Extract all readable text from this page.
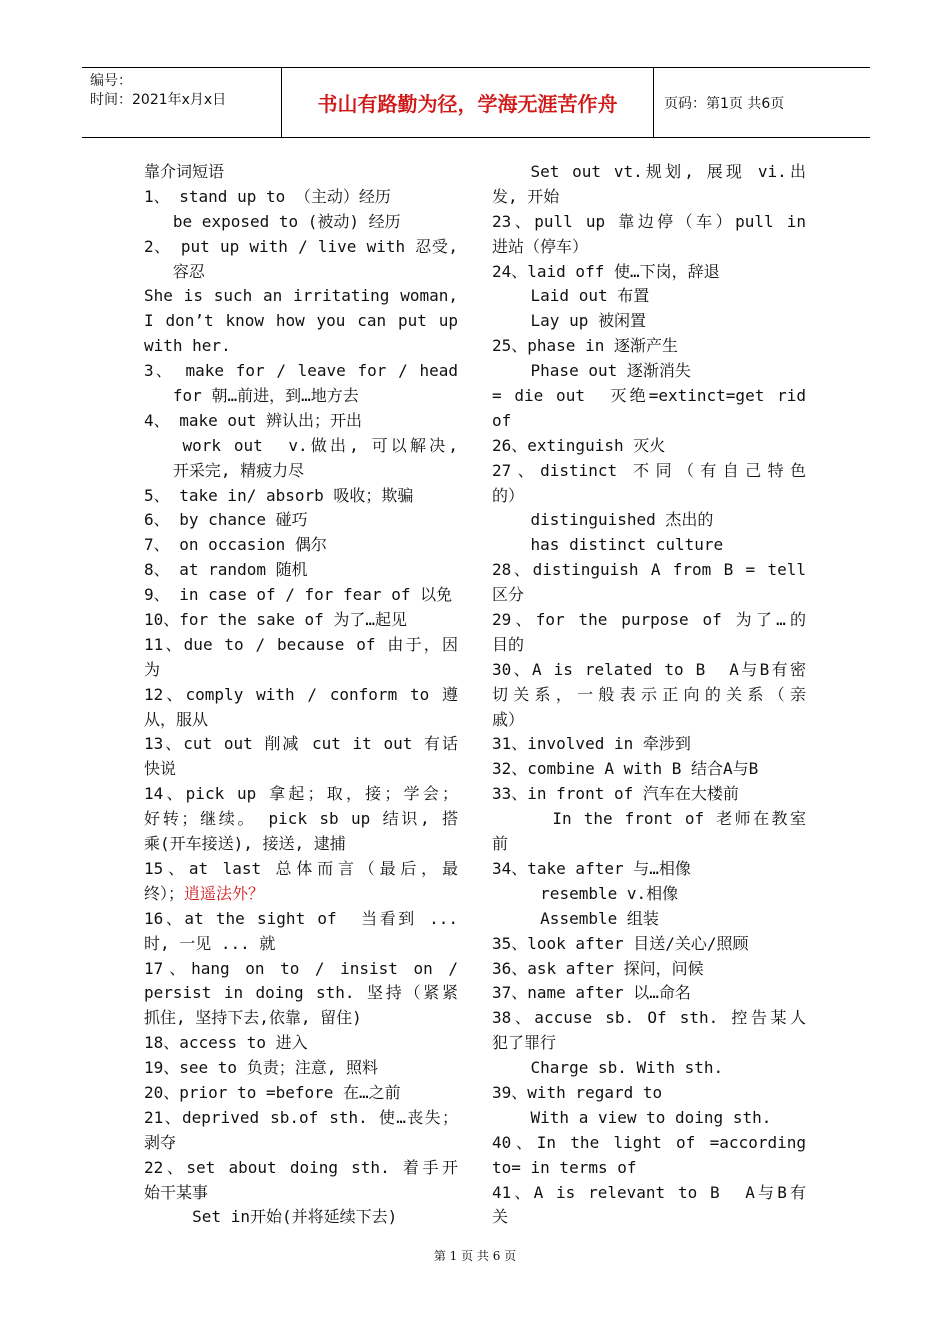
编号：
时间：2021年x月x日	书山有路勤为径，学海无涯苦作舟	页码：第1页 共6页
靠介词短语
1、 stand up to （主动）经历
be exposed to (被动) 经历
2、 put up with / live with 忍受,
容忍
She is such an irritating woman,
I don’t know how you can put up
with her.
3、 make for / leave for / head
for 朝…前进，到…地方去
4、 make out 辨认出；开出
work out  v.做出, 可以解决,
开采完, 精疲力尽
5、 take in/ absorb 吸收；欺骗
6、 by chance 碰巧
7、 on occasion 偶尔
8、 at random 随机
9、 in case of / for fear of 以免
10、for the sake of 为了…起见
11、due to / because of 由于，因
为
12、comply with / conform to 遵
从，服从
13、cut out 削减 cut it out 有话
快说
14、pick up 拿起；取，接；学会；
好转；继续。 pick sb up 结识, 搭
乘(开车接送), 接送, 逮捕
15、at last 总体而言（最后，最
终）；逍遥法外？
16、at the sight of  当看到 ...
时, 一见 ... 就
17、hang on to / insist on /
persist in doing sth. 坚持（紧紧
抓住, 坚持下去,依靠, 留住)
18、access to 进入
19、see to 负责；注意, 照料
20、prior to =before 在…之前
21、deprived sb.of sth. 使…丧失；
剥夺
22、set about doing sth. 着手开
始干某事
Set in开始(并将延续下去)
Set out vt.规划, 展现 vi.出
发, 开始
23、pull up 靠边停（车）pull in
进站（停车）
24、laid off 使…下岗，辞退
Laid out 布置
Lay up 被闲置
25、phase in 逐渐产生
Phase out 逐渐消失
= die out  灭绝=extinct=get rid
of
26、extinguish 灭火
27、distinct 不同（有自己特色
的）
distinguished 杰出的
has distinct culture
28、distinguish A from B = tell
区分
29、for the purpose of 为了…的
目的
30、A is related to B  A与B有密
切关系，一般表示正向的关系（亲
戚）
31、involved in 牵涉到
32、combine A with B 结合A与B
33、in front of 汽车在大楼前
In the front of 老师在教室
前
34、take after 与…相像
resemble v.相像
Assemble 组装
35、look after 目送/关心/照顾
36、ask after 探问，问候
37、name after 以…命名
38、accuse sb. Of sth. 控告某人
犯了罪行
Charge sb. With sth.
39、with regard to
With a view to doing sth.
40、In the light of =according
to= in terms of
41、A is relevant to B  A与B有
关
第 1 页 共 6 页
